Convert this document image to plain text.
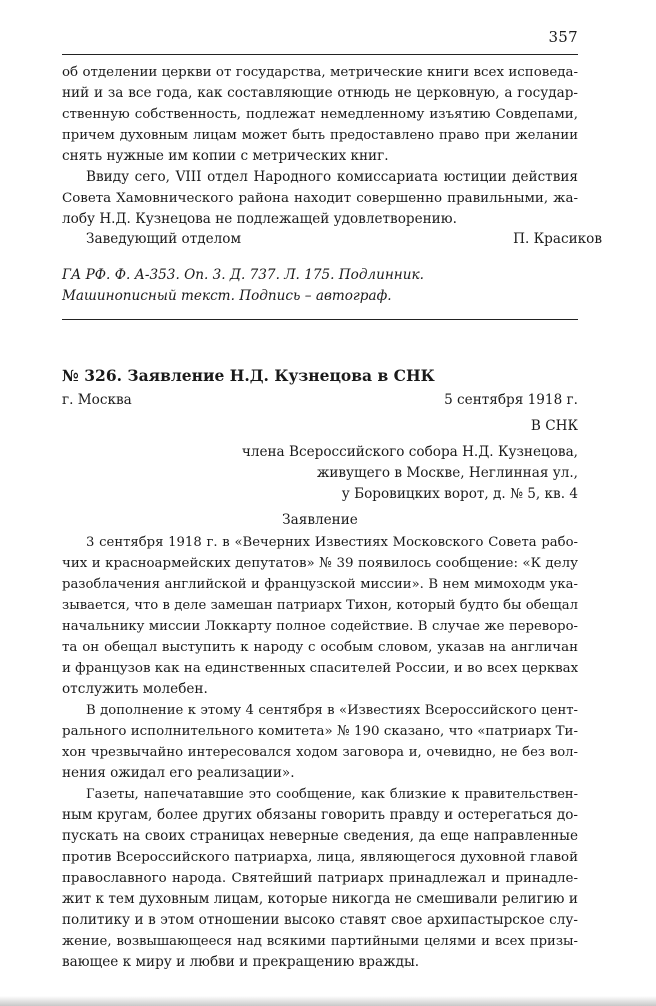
357
об отделении церкви от государства, метрические книги всех исповеда-
ний и за все года, как составляющие отнюдь не церковную, а государ-
ственную собственность, подлежат немедленному изъятию Совдепами,
причем духовным лицам может быть предоставлено право при желании
снять нужные им копии с метрических книг.
Ввиду сего, VIII отдел Народного комиссариата юстиции действия
Совета Хамовнического района находит совершенно правильными, жа-
лобу Н.Д. Кузнецова не подлежащей удовлетворению.
Заведующий отделом	П. Красиков
ГА РФ. Ф. А-353. Оп. 3. Д. 737. Л. 175. Подлинник.
Машинописный текст. Подпись – автограф.
№ 326. Заявление Н.Д. Кузнецова в СНК
г. Москва	5 сентября 1918 г.
В СНК
члена Всероссийского собора Н.Д. Кузнецова,
живущего в Москве, Неглинная ул.,
у Боровицких ворот, д. № 5, кв. 4
Заявление
3 сентября 1918 г. в «Вечерних Известиях Московского Совета рабо-
чих и красноармейских депутатов» № 39 появилось сообщение: «К делу
разоблачения английской и французской миссии». В нем мимоходм ука-
зывается, что в деле замешан патриарх Тихон, который будто бы обещал
начальнику миссии Локкарту полное содействие. В случае же переворо-
та он обещал выступить к народу с особым словом, указав на англичан
и французов как на единственных спасителей России, и во всех церквах
отслужить молебен.
В дополнение к этому 4 сентября в «Известиях Всероссийского цент-
рального исполнительного комитета» № 190 сказано, что «патриарх Ти-
хон чрезвычайно интересовался ходом заговора и, очевидно, не без вол-
нения ожидал его реализации».
Газеты, напечатавшие это сообщение, как близкие к правительствен-
ным кругам, более других обязаны говорить правду и остерегаться до-
пускать на своих страницах неверные сведения, да еще направленные
против Всероссийского патриарха, лица, являющегося духовной главой
православного народа. Святейший патриарх принадлежал и принадле-
жит к тем духовным лицам, которые никогда не смешивали религию и
политику и в этом отношении высоко ставят свое архипастырское слу-
жение, возвышающееся над всякими партийными целями и всех призы-
вающее к миру и любви и прекращению вражды.
